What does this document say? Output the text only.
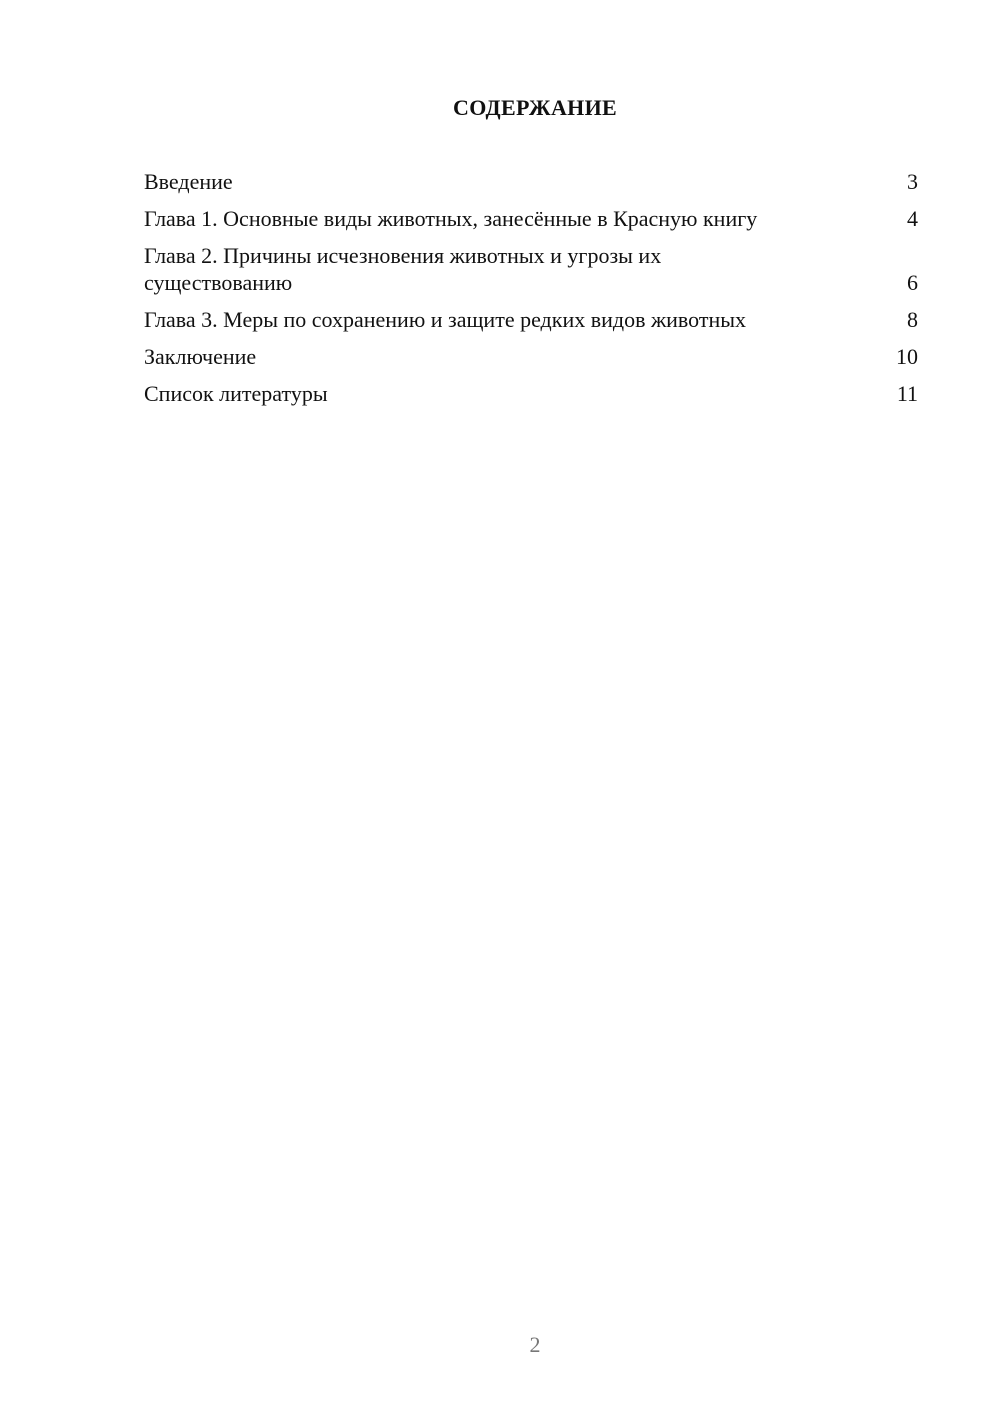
СОДЕРЖАНИЕ
Введение	3
Глава 1. Основные виды животных, занесённые в Красную книгу	4
Глава 2. Причины исчезновения животных и угрозы их существованию	6
Глава 3. Меры по сохранению и защите редких видов животных	8
Заключение	10
Список литературы	11
2
